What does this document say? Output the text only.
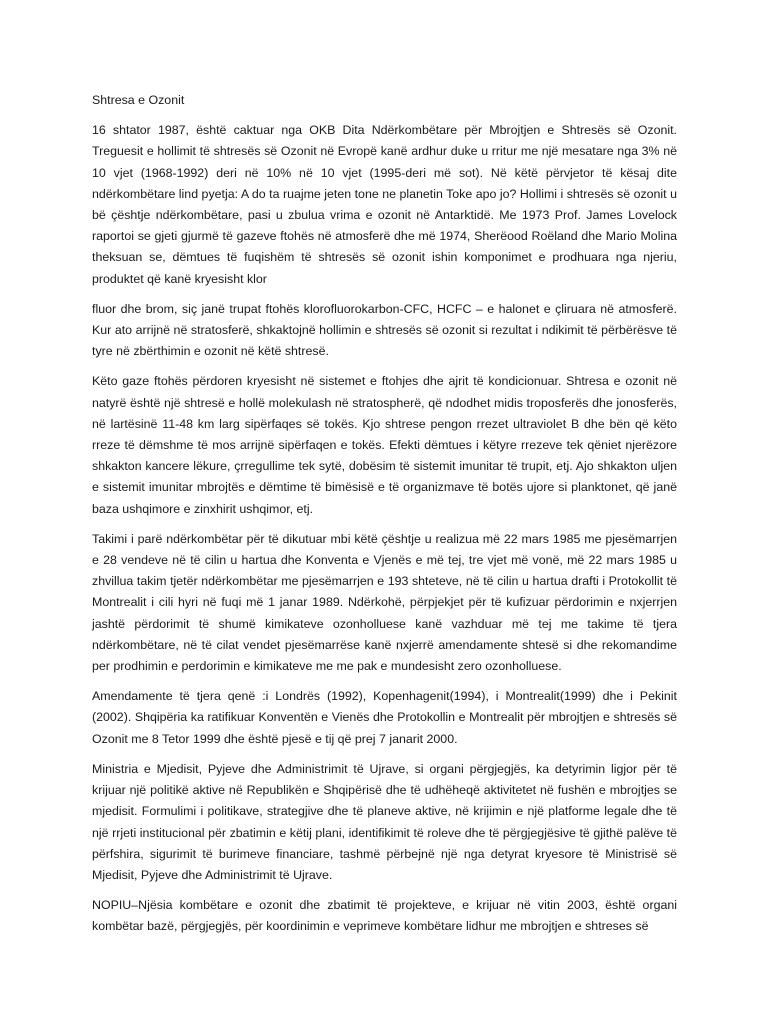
Shtresa e Ozonit

16 shtator 1987, është caktuar nga OKB Dita Ndërkombëtare për Mbrojtjen e Shtresës së Ozonit. Treguesit e hollimit të shtresës së Ozonit në Evropë kanë ardhur duke u rritur me një mesatare nga 3% në 10 vjet (1968-1992) deri në 10% në 10 vjet (1995-deri më sot). Në këtë përvjetor të kësaj dite ndërkombëtare lind pyetja: A do ta ruajme jeten tone ne planetin Toke apo jo? Hollimi i shtresës së ozonit u bë çështje ndërkombëtare, pasi u zbulua vrima e ozonit në Antarktidë. Me 1973 Prof. James Lovelock raportoi se gjeti gjurmë të gazeve ftohës në atmosferë dhe më 1974, Sherëood Roëland dhe Mario Molina theksuan se, dëmtues të fuqishëm të shtresës së ozonit ishin komponimet e prodhuara nga njeriu, produktet që kanë kryesisht klor

fluor dhe brom, siç janë trupat ftohës klorofluorokarbon-CFC, HCFC – e halonet e çliruara në atmosferë. Kur ato arrijnë në stratosferë, shkaktojnë hollimin e shtresës së ozonit si rezultat i ndikimit të përbërësve të tyre në zbërthimin e ozonit në këtë shtresë.

Këto gaze ftohës përdoren kryesisht në sistemet e ftohjes dhe ajrit të kondicionuar. Shtresa e ozonit në natyrë është një shtresë e hollë molekulash në stratospherë, që ndodhet midis troposferës dhe jonosferës, në lartësinë 11-48 km larg sipërfaqes së tokës. Kjo shtrese pengon rrezet ultraviolet B dhe bën që këto rreze të dëmshme të mos arrijnë sipërfaqen e tokës. Efekti dëmtues i këtyre rrezeve tek qëniet njerëzore shkakton kancere lëkure, çrregullime tek sytë, dobësim të sistemit imunitar të trupit, etj. Ajo shkakton uljen e sistemit imunitar mbrojtës e dëmtime të bimësisë e të organizmave të botës ujore si planktonet, që janë baza ushqimore e zinxhirit ushqimor, etj.

Takimi i parë ndërkombëtar për të dikutuar mbi këtë çështje u realizua më 22 mars 1985 me pjesëmarrjen e 28 vendeve në të cilin u hartua dhe Konventa e Vjenës e më tej, tre vjet më vonë, më 22 mars 1985 u zhvillua takim tjetër ndërkombëtar me pjesëmarrjen e 193 shteteve, në të cilin u hartua drafti i Protokollit të Montrealit i cili hyri në fuqi më 1 janar 1989. Ndërkohë, përpjekjet për të kufizuar përdorimin e nxjerrjen jashtë përdorimit të shumë kimikateve ozonholluese kanë vazhduar më tej me takime të tjera ndërkombëtare, në të cilat vendet pjesëmarrëse kanë nxjerrë amendamente shtesë si dhe rekomandime per prodhimin e perdorimin e kimikateve me me pak e mundesisht zero ozonholluese.

Amendamente të tjera qenë :i Londrës (1992), Kopenhagenit(1994), i Montrealit(1999) dhe i Pekinit (2002). Shqipëria ka ratifikuar Konventën e Vienës dhe Protokollin e Montrealit për mbrojtjen e shtresës së Ozonit me 8 Tetor 1999 dhe është pjesë e tij që prej 7 janarit 2000.

Ministria e Mjedisit, Pyjeve dhe Administrimit të Ujrave, si organi përgjegjës, ka detyrimin ligjor për të krijuar një politikë aktive në Republikën e Shqipërisë dhe të udhëheqë aktivitetet në fushën e mbrojtjes se mjedisit. Formulimi i politikave, strategjive dhe të planeve aktive, në krijimin e një platforme legale dhe të një rrjeti institucional për zbatimin e këtij plani, identifikimit të roleve dhe të përgjegjësive të gjithë palëve të përfshira, sigurimit të burimeve financiare, tashmë përbejnë një nga detyrat kryesore të Ministrisë së Mjedisit, Pyjeve dhe Administrimit të Ujrave.

NOPIU–Njësia kombëtare e ozonit dhe zbatimit të projekteve, e krijuar në vitin 2003, është organi kombëtar bazë, përgjegjës, për koordinimin e veprimeve kombëtare lidhur me mbrojtjen e shtreses së
